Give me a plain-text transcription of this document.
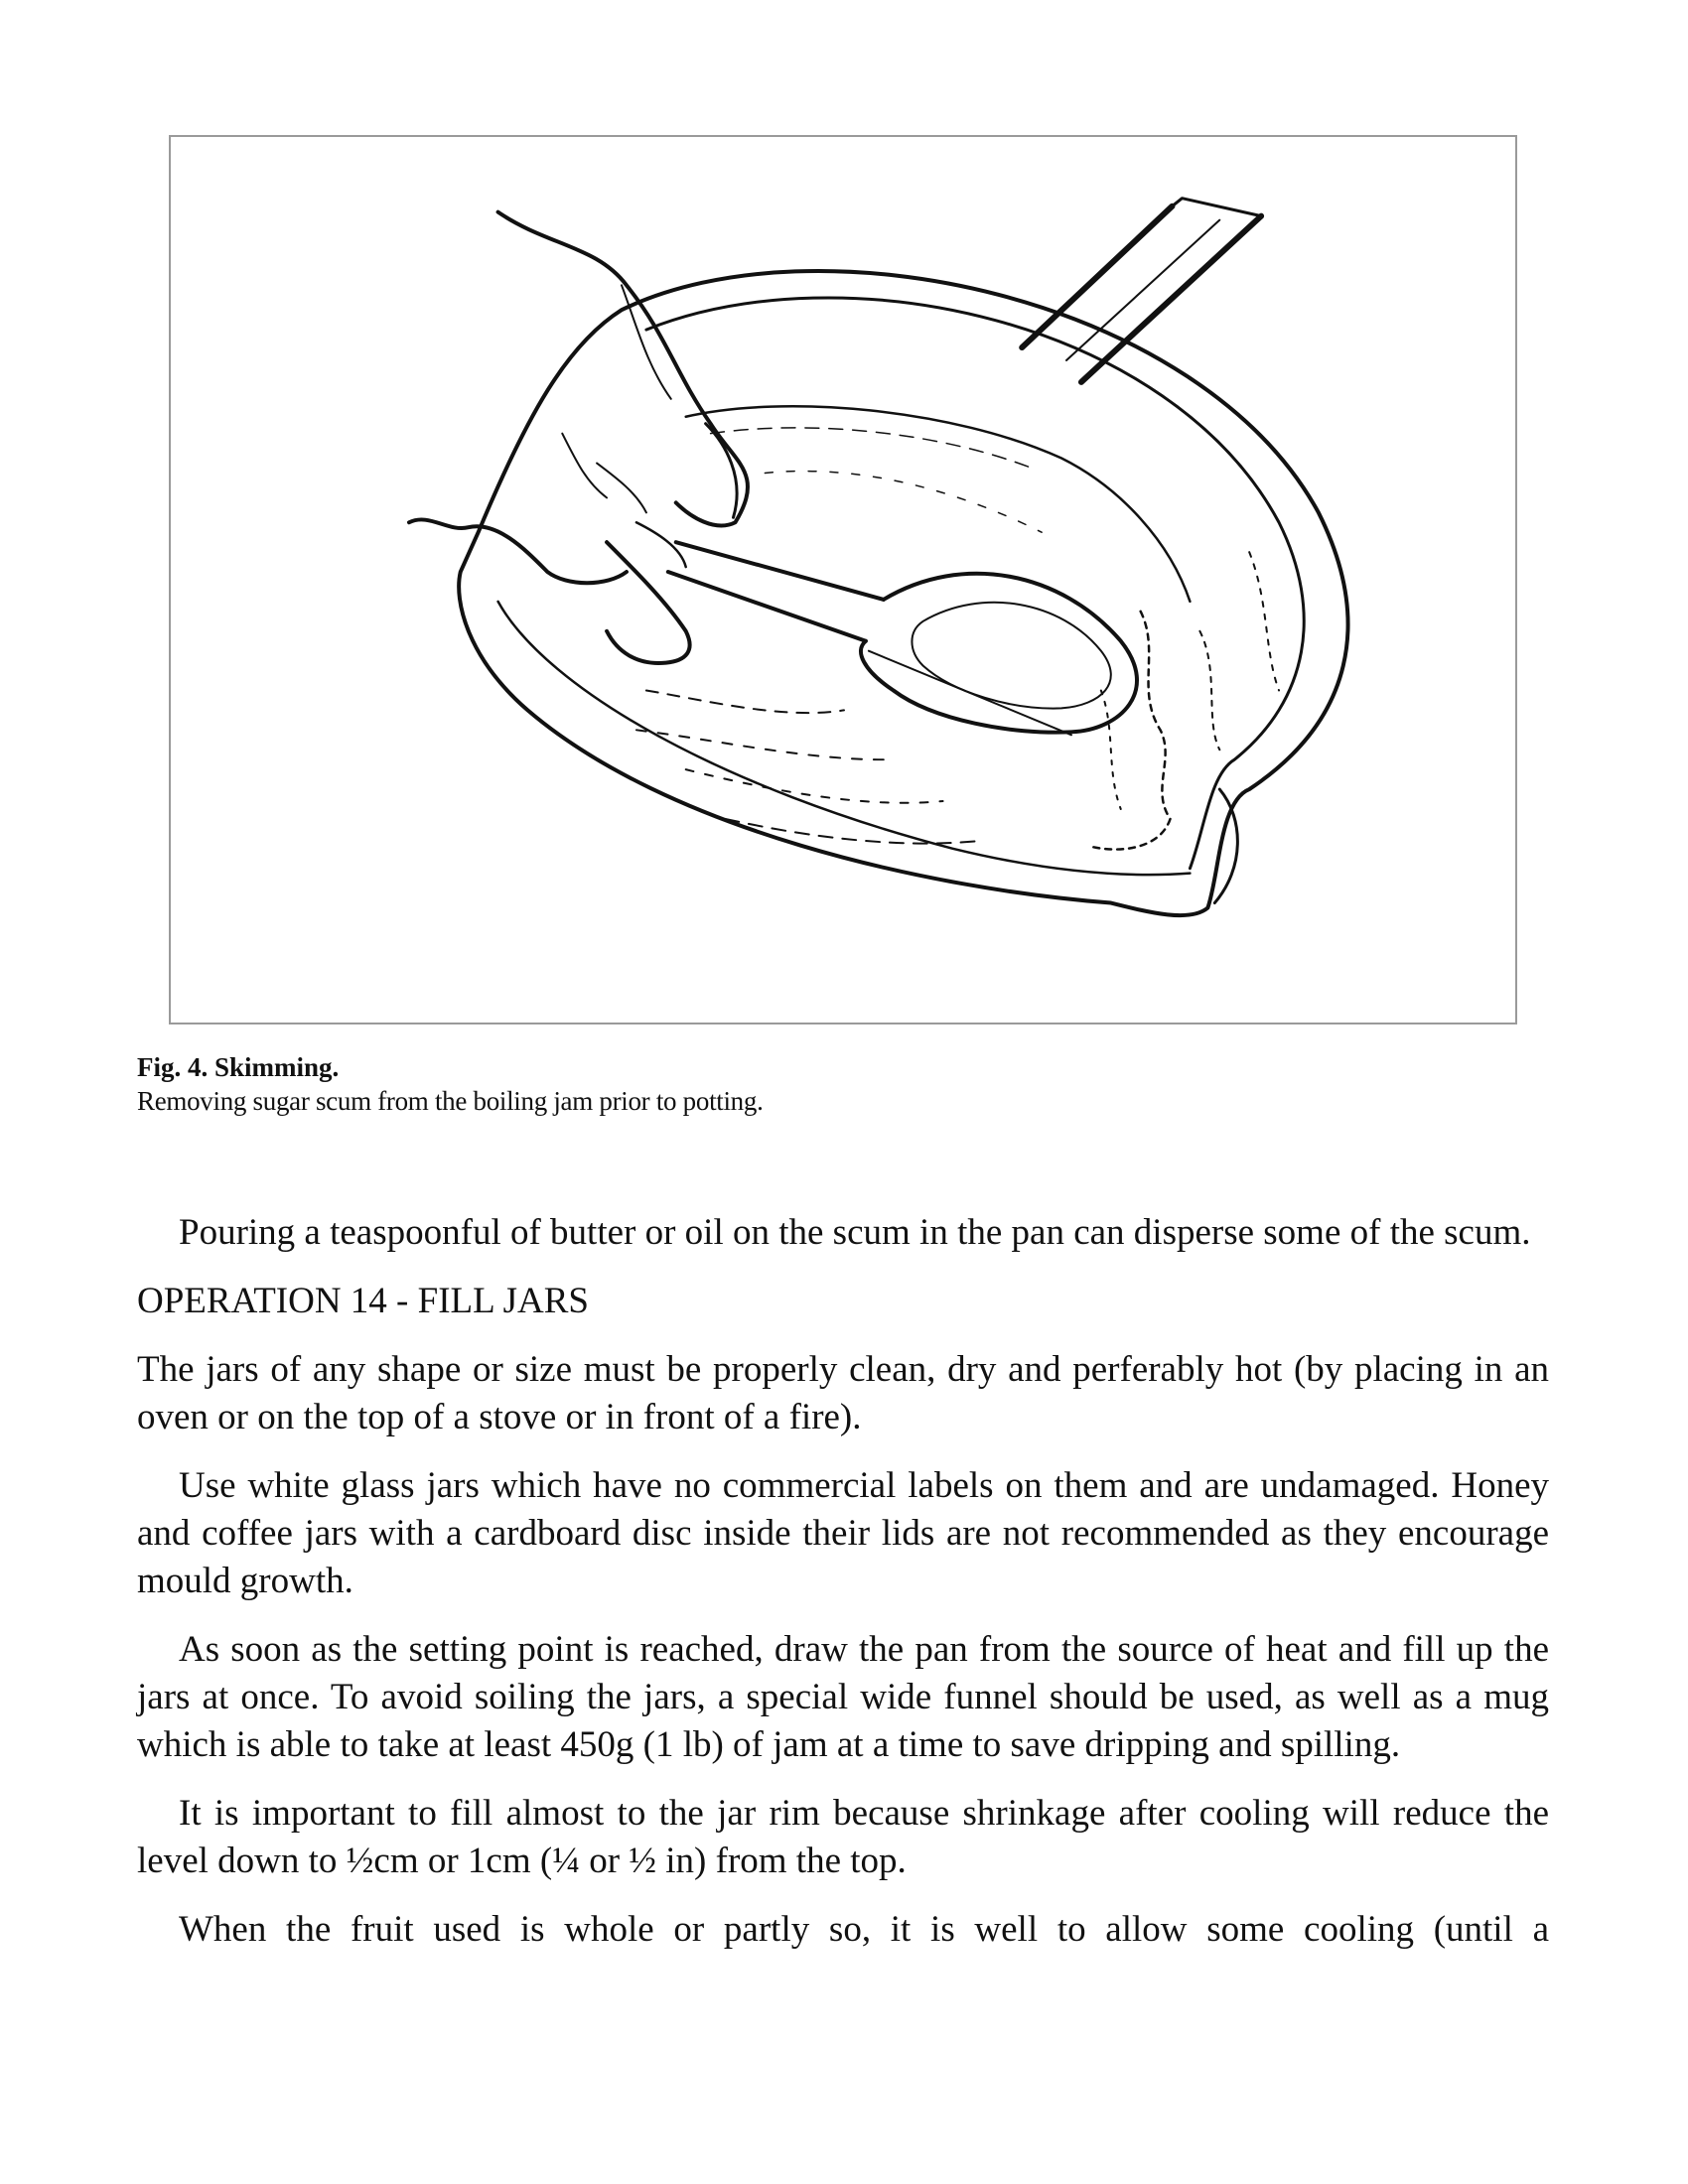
Fig. 4. Skimming.
Removing sugar scum from the boiling jam prior to potting.

Pouring a teaspoonful of butter or oil on the scum in the pan can disperse some of the scum.

OPERATION 14 - FILL JARS

The jars of any shape or size must be properly clean, dry and perferably hot (by placing in an oven or on the top of a stove or in front of a fire).

Use white glass jars which have no commercial labels on them and are undamaged. Honey and coffee jars with a cardboard disc inside their lids are not recommended as they encourage mould growth.

As soon as the setting point is reached, draw the pan from the source of heat and fill up the jars at once. To avoid soiling the jars, a special wide funnel should be used, as well as a mug which is able to take at least 450g (1 lb) of jam at a time to save dripping and spilling.

It is important to fill almost to the jar rim because shrinkage after cooling will reduce the level down to ½cm or 1cm (¼ or ½ in) from the top.

When the fruit used is whole or partly so, it is well to allow some cooling (until a
